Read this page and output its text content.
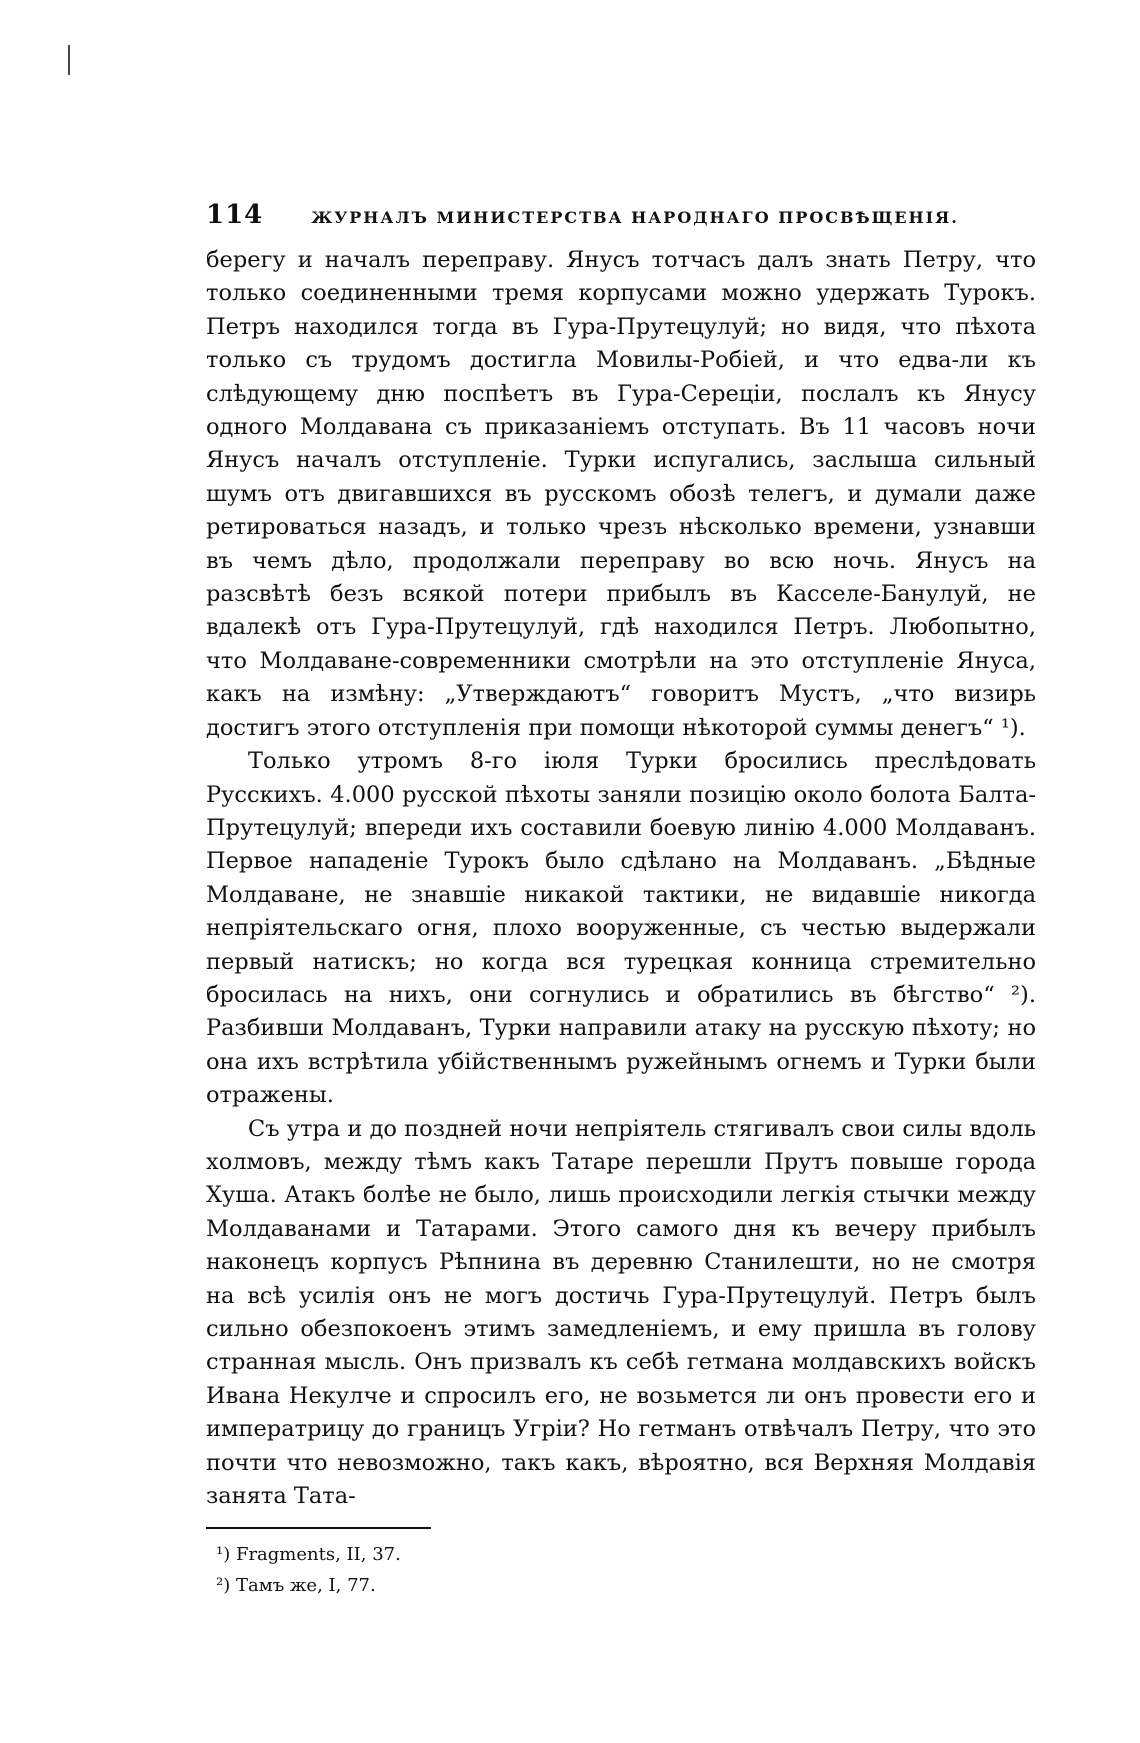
114	ЖУРНАЛЪ МИНИСТЕРСТВА НАРОДНАГО ПРОСВѢЩЕНІЯ.

берегу и началъ переправу. Янусъ тотчасъ далъ знать Петру, что только соединенными тремя корпусами можно удержать Турокъ. Петръ находился тогда въ Гура-Прутецулуй; но видя, что пѣхота только съ трудомъ достигла Мовилы-Робіей, и что едва-ли къ слѣдующему дню поспѣетъ въ Гура-Сереціи, послалъ къ Янусу одного Молдавана съ приказаніемъ отступать. Въ 11 часовъ ночи Янусъ началъ отступленіе. Турки испугались, заслыша сильный шумъ отъ двигавшихся въ русскомъ обозѣ телегъ, и думали даже ретироваться назадъ, и только чрезъ нѣсколько времени, узнавши въ чемъ дѣло, продолжали переправу во всю ночь. Янусъ на разсвѣтѣ безъ всякой потери прибылъ въ Касселе-Банулуй, не вдалекѣ отъ Гура-Прутецулуй, гдѣ находился Петръ. Любопытно, что Молдаване-современники смотрѣли на это отступленіе Януса, какъ на измѣну: „Утверждаютъ“ говоритъ Мустъ, „что визирь достигъ этого отступленія при помощи нѣкоторой суммы денегъ“ ¹).

Только утромъ 8-го іюля Турки бросились преслѣдовать Русскихъ. 4.000 русской пѣхоты заняли позицію около болота Балта-Прутецулуй; впереди ихъ составили боевую линію 4.000 Молдаванъ. Первое нападеніе Турокъ было сдѣлано на Молдаванъ. „Бѣдные Молдаване, не знавшіе никакой тактики, не видавшіе никогда непріятельскаго огня, плохо вооруженные, съ честью выдержали первый натискъ; но когда вся турецкая конница стремительно бросилась на нихъ, они согнулись и обратились въ бѣгство“ ²). Разбивши Молдаванъ, Турки направили атаку на русскую пѣхоту; но она ихъ встрѣтила убійственнымъ ружейнымъ огнемъ и Турки были отражены.

Съ утра и до поздней ночи непріятель стягивалъ свои силы вдоль холмовъ, между тѣмъ какъ Татаре перешли Прутъ повыше города Хуша. Атакъ болѣе не было, лишь происходили легкія стычки между Молдаванами и Татарами. Этого самого дня къ вечеру прибылъ наконецъ корпусъ Рѣпнина въ деревню Станилешти, но не смотря на всѣ усилія онъ не могъ достичь Гура-Прутецулуй. Петръ былъ сильно обезпокоенъ этимъ замедленіемъ, и ему пришла въ голову странная мысль. Онъ призвалъ къ себѣ гетмана молдавскихъ войскъ Ивана Некулче и спросилъ его, не возьмется ли онъ провести его и императрицу до границъ Угріи? Но гетманъ отвѣчалъ Петру, что это почти что невозможно, такъ какъ, вѣроятно, вся Верхняя Молдавія занята Тата-

¹) Fragments, II, 37.
²) Тамъ же, I, 77.
